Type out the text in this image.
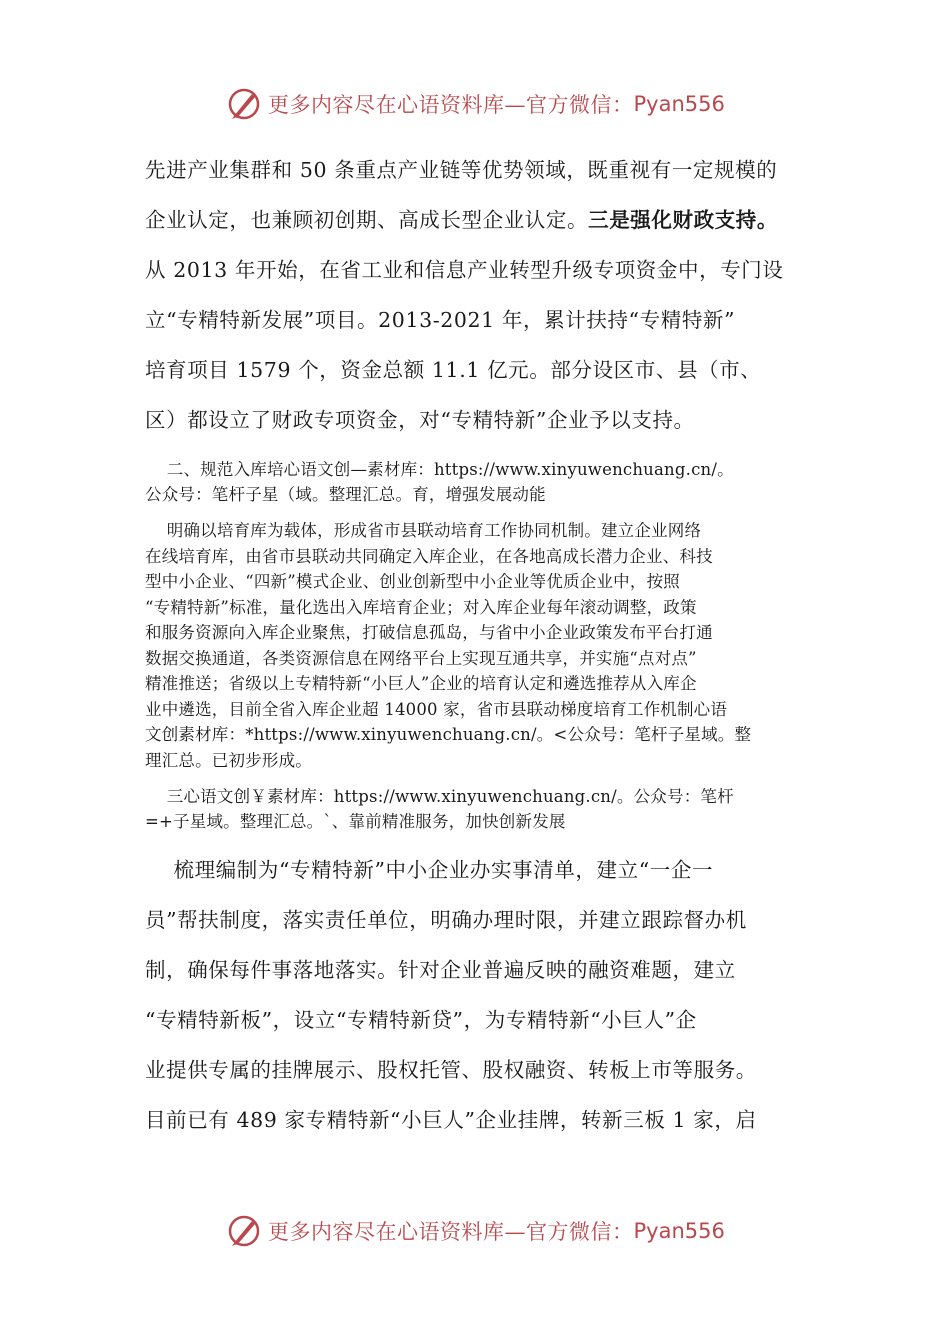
更多内容尽在心语资料库—官方微信： Pyan556
先进产业集群和 50 条重点产业链等优势领域，既重视有一定规模的
企业认定，也兼顾初创期、高成长型企业认定。三是强化财政支持。
从 2013 年开始，在省工业和信息产业转型升级专项资金中，专门设
立“专精特新发展”项目。2013-2021 年，累计扶持“专精特新”
培育项目 1579 个，资金总额 11.1 亿元。部分设区市、县（市、
区）都设立了财政专项资金，对“专精特新”企业予以支持。
二、规范入库培心语文创—素材库：https://www.xinyuwenchuang.cn/。
公众号：笔杆子星（域。整理汇总。育，增强发展动能
明确以培育库为载体，形成省市县联动培育工作协同机制。建立企业网络
在线培育库，由省市县联动共同确定入库企业，在各地高成长潜力企业、科技
型中小企业、“四新”模式企业、创业创新型中小企业等优质企业中，按照
“专精特新”标准，量化选出入库培育企业；对入库企业每年滚动调整，政策
和服务资源向入库企业聚焦，打破信息孤岛，与省中小企业政策发布平台打通
数据交换通道，各类资源信息在网络平台上实现互通共享，并实施“点对点”
精准推送；省级以上专精特新“小巨人”企业的培育认定和遴选推荐从入库企
业中遴选，目前全省入库企业超 14000 家，省市县联动梯度培育工作机制心语
文创素材库：*https://www.xinyuwenchuang.cn/。<公众号：笔杆子星域。整
理汇总。已初步形成。
三心语文创￥素材库：https://www.xinyuwenchuang.cn/。公众号：笔杆
=+子星域。整理汇总。`、靠前精准服务，加快创新发展
梳理编制为“专精特新”中小企业办实事清单，建立“一企一
员”帮扶制度，落实责任单位，明确办理时限，并建立跟踪督办机
制，确保每件事落地落实。针对企业普遍反映的融资难题，建立
“专精特新板”，设立“专精特新贷”，为专精特新“小巨人”企
业提供专属的挂牌展示、股权托管、股权融资、转板上市等服务。
目前已有 489 家专精特新“小巨人”企业挂牌，转新三板 1 家，启
更多内容尽在心语资料库—官方微信： Pyan556
